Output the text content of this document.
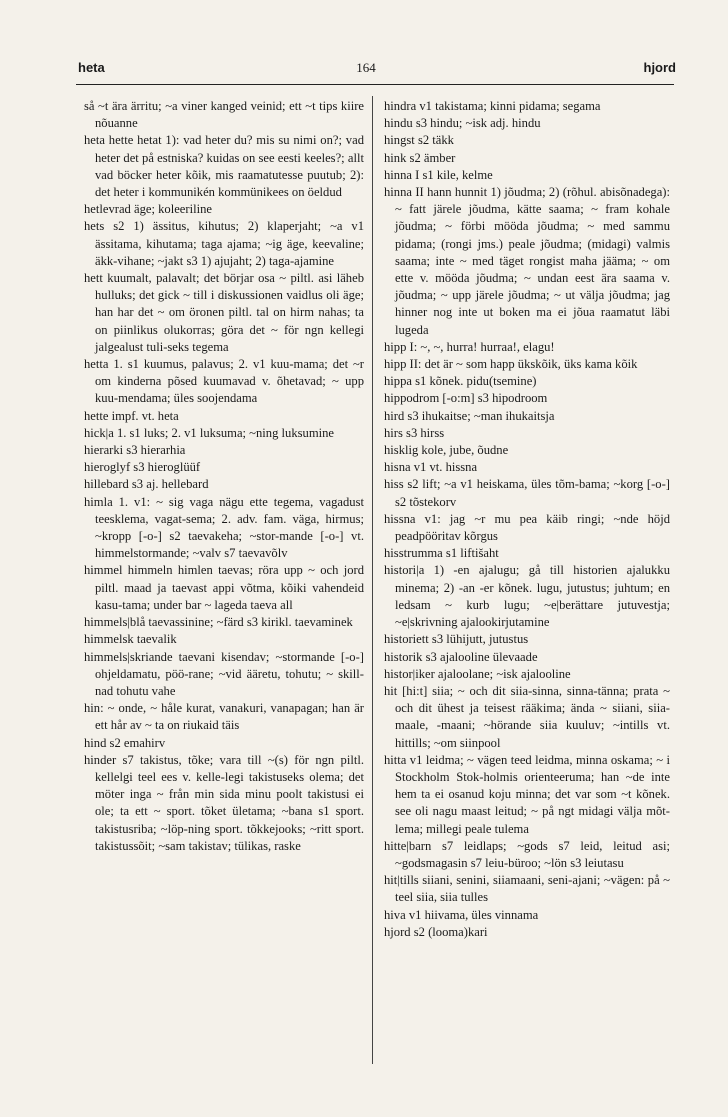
heta	164	hjord

så ~t ära ärritu; ~a viner kanged veinid; ett ~t tips kiire nõuanne

heta hette hetat 1): vad heter du? mis su nimi on?; vad heter det på estniska? kuidas on see eesti keeles?; allt vad böcker heter kõik, mis raamatutesse puutub; 2): det heter i kommunikén kommünikees on öeldud

hetlevrad äge; koleeriline

hets s2 1) ässitus, kihutus; 2) klaperjaht; ~a v1 ässitama, kihutama; taga ajama; ~ig äge, keevaline; äkk-vihane; ~jakt s3 1) ajujaht; 2) taga-ajamine

hett kuumalt, palavalt; det börjar osa ~ piltl. asi läheb hulluks; det gick ~ till i diskussionen vaidlus oli äge; han har det ~ om öronen piltl. tal on hirm nahas; ta on piinlikus olukorras; göra det ~ för ngn kellegi jalgealust tuli-seks tegema

hetta 1. s1 kuumus, palavus; 2. v1 kuu-mama; det ~r om kinderna põsed kuumavad v. õhetavad; ~ upp kuu-mendama; üles soojendama

hette impf. vt. heta

hick|a 1. s1 luks; 2. v1 luksuma; ~ning luksumine

hierarki s3 hierarhia

hieroglyf s3 hieroglüüf

hillebard s3 aj. hellebard

himla 1. v1: ~ sig vaga nägu ette tegema, vagadust teesklema, vagat-sema; 2. adv. fam. väga, hirmus; ~kropp [-o-] s2 taevakeha; ~stor-mande [-o-] vt. himmelstormande; ~valv s7 taevavõlv

himmel himmeln himlen taevas; röra upp ~ och jord piltl. maad ja taevast appi võtma, kõiki vahendeid kasu-tama; under bar ~ lageda taeva all

himmels|blå taevassinine; ~färd s3 kirikl. taevaminek

himmelsk taevalik

himmels|skriande taevani kisendav; ~stormande [-o-] ohjeldamatu, pöö-rane; ~vid ääretu, tohutu; ~ skill-nad tohutu vahe

hin: ~ onde, ~ håle kurat, vanakuri, vanapagan; han är ett hår av ~ ta on riukaid täis

hind s2 emahirv

hinder s7 takistus, tõke; vara till ~(s) för ngn piltl. kellelgi teel ees v. kelle-legi takistuseks olema; det möter inga ~ från min sida minu poolt takistusi ei ole; ta ett ~ sport. tõket ületama; ~bana s1 sport. takistusriba; ~löp-ning sport. tõkkejooks; ~ritt sport. takistussõit; ~sam takistav; tülikas, raske

hindra v1 takistama; kinni pidama; segama

hindu s3 hindu; ~isk adj. hindu

hingst s2 täkk

hink s2 ämber

hinna I s1 kile, kelme

hinna II hann hunnit 1) jõudma; 2) (rõhul. abisõnadega): ~ fatt järele jõudma, kätte saama; ~ fram kohale jõudma; ~ förbi mööda jõudma; ~ med sammu pidama; (rongi jms.) peale jõudma; (midagi) valmis saama; inte ~ med täget rongist maha jääma; ~ om ette v. mööda jõudma; ~ undan eest ära saama v. jõudma; ~ upp järele jõudma; ~ ut välja jõudma; jag hinner nog inte ut boken ma ei jõua raamatut läbi lugeda

hipp I: ~, ~, hurra! hurraa!, elagu!

hipp II: det är ~ som happ ükskõik, üks kama kõik

hippa s1 kõnek. pidu(tsemine)

hippodrom [-o:m] s3 hipodroom

hird s3 ihukaitse; ~man ihukaitsja

hirs s3 hirss

hisklig kole, jube, õudne

hisna v1 vt. hissna

hiss s2 lift; ~a v1 heiskama, üles tõm-bama; ~korg [-o-] s2 tõstekorv

hissna v1: jag ~r mu pea käib ringi; ~nde höjd peadpööritav kõrgus

hisstrumma s1 liftišaht

histori|a 1) -en ajalugu; gå till historien ajalukku minema; 2) -an -er kõnek. lugu, jutustus; juhtum; en ledsam ~ kurb lugu; ~e|berättare jutuvestja; ~e|skrivning ajalookirjutamine

historiett s3 lühijutt, jutustus

historik s3 ajalooline ülevaade

histor|iker ajaloolane; ~isk ajalooline

hit [hi:t] siia; ~ och dit siia-sinna, sinna-tänna; prata ~ och dit ühest ja teisest rääkima; ända ~ siiani, siia-maale, -maani; ~hörande siia kuuluv; ~intills vt. hittills; ~om siinpool

hitta v1 leidma; ~ vägen teed leidma, minna oskama; ~ i Stockholm Stok-holmis orienteeruma; han ~de inte hem ta ei osanud koju minna; det var som ~t kõnek. see oli nagu maast leitud; ~ på ngt midagi välja mõt-lema; millegi peale tulema

hitte|barn s7 leidlaps; ~gods s7 leid, leitud asi; ~godsmagasin s7 leiu-büroo; ~lön s3 leiutasu

hit|tills siiani, senini, siiamaani, seni-ajani; ~vägen: på ~ teel siia, siia tulles

hiva v1 hiivama, üles vinnama

hjord s2 (looma)kari
